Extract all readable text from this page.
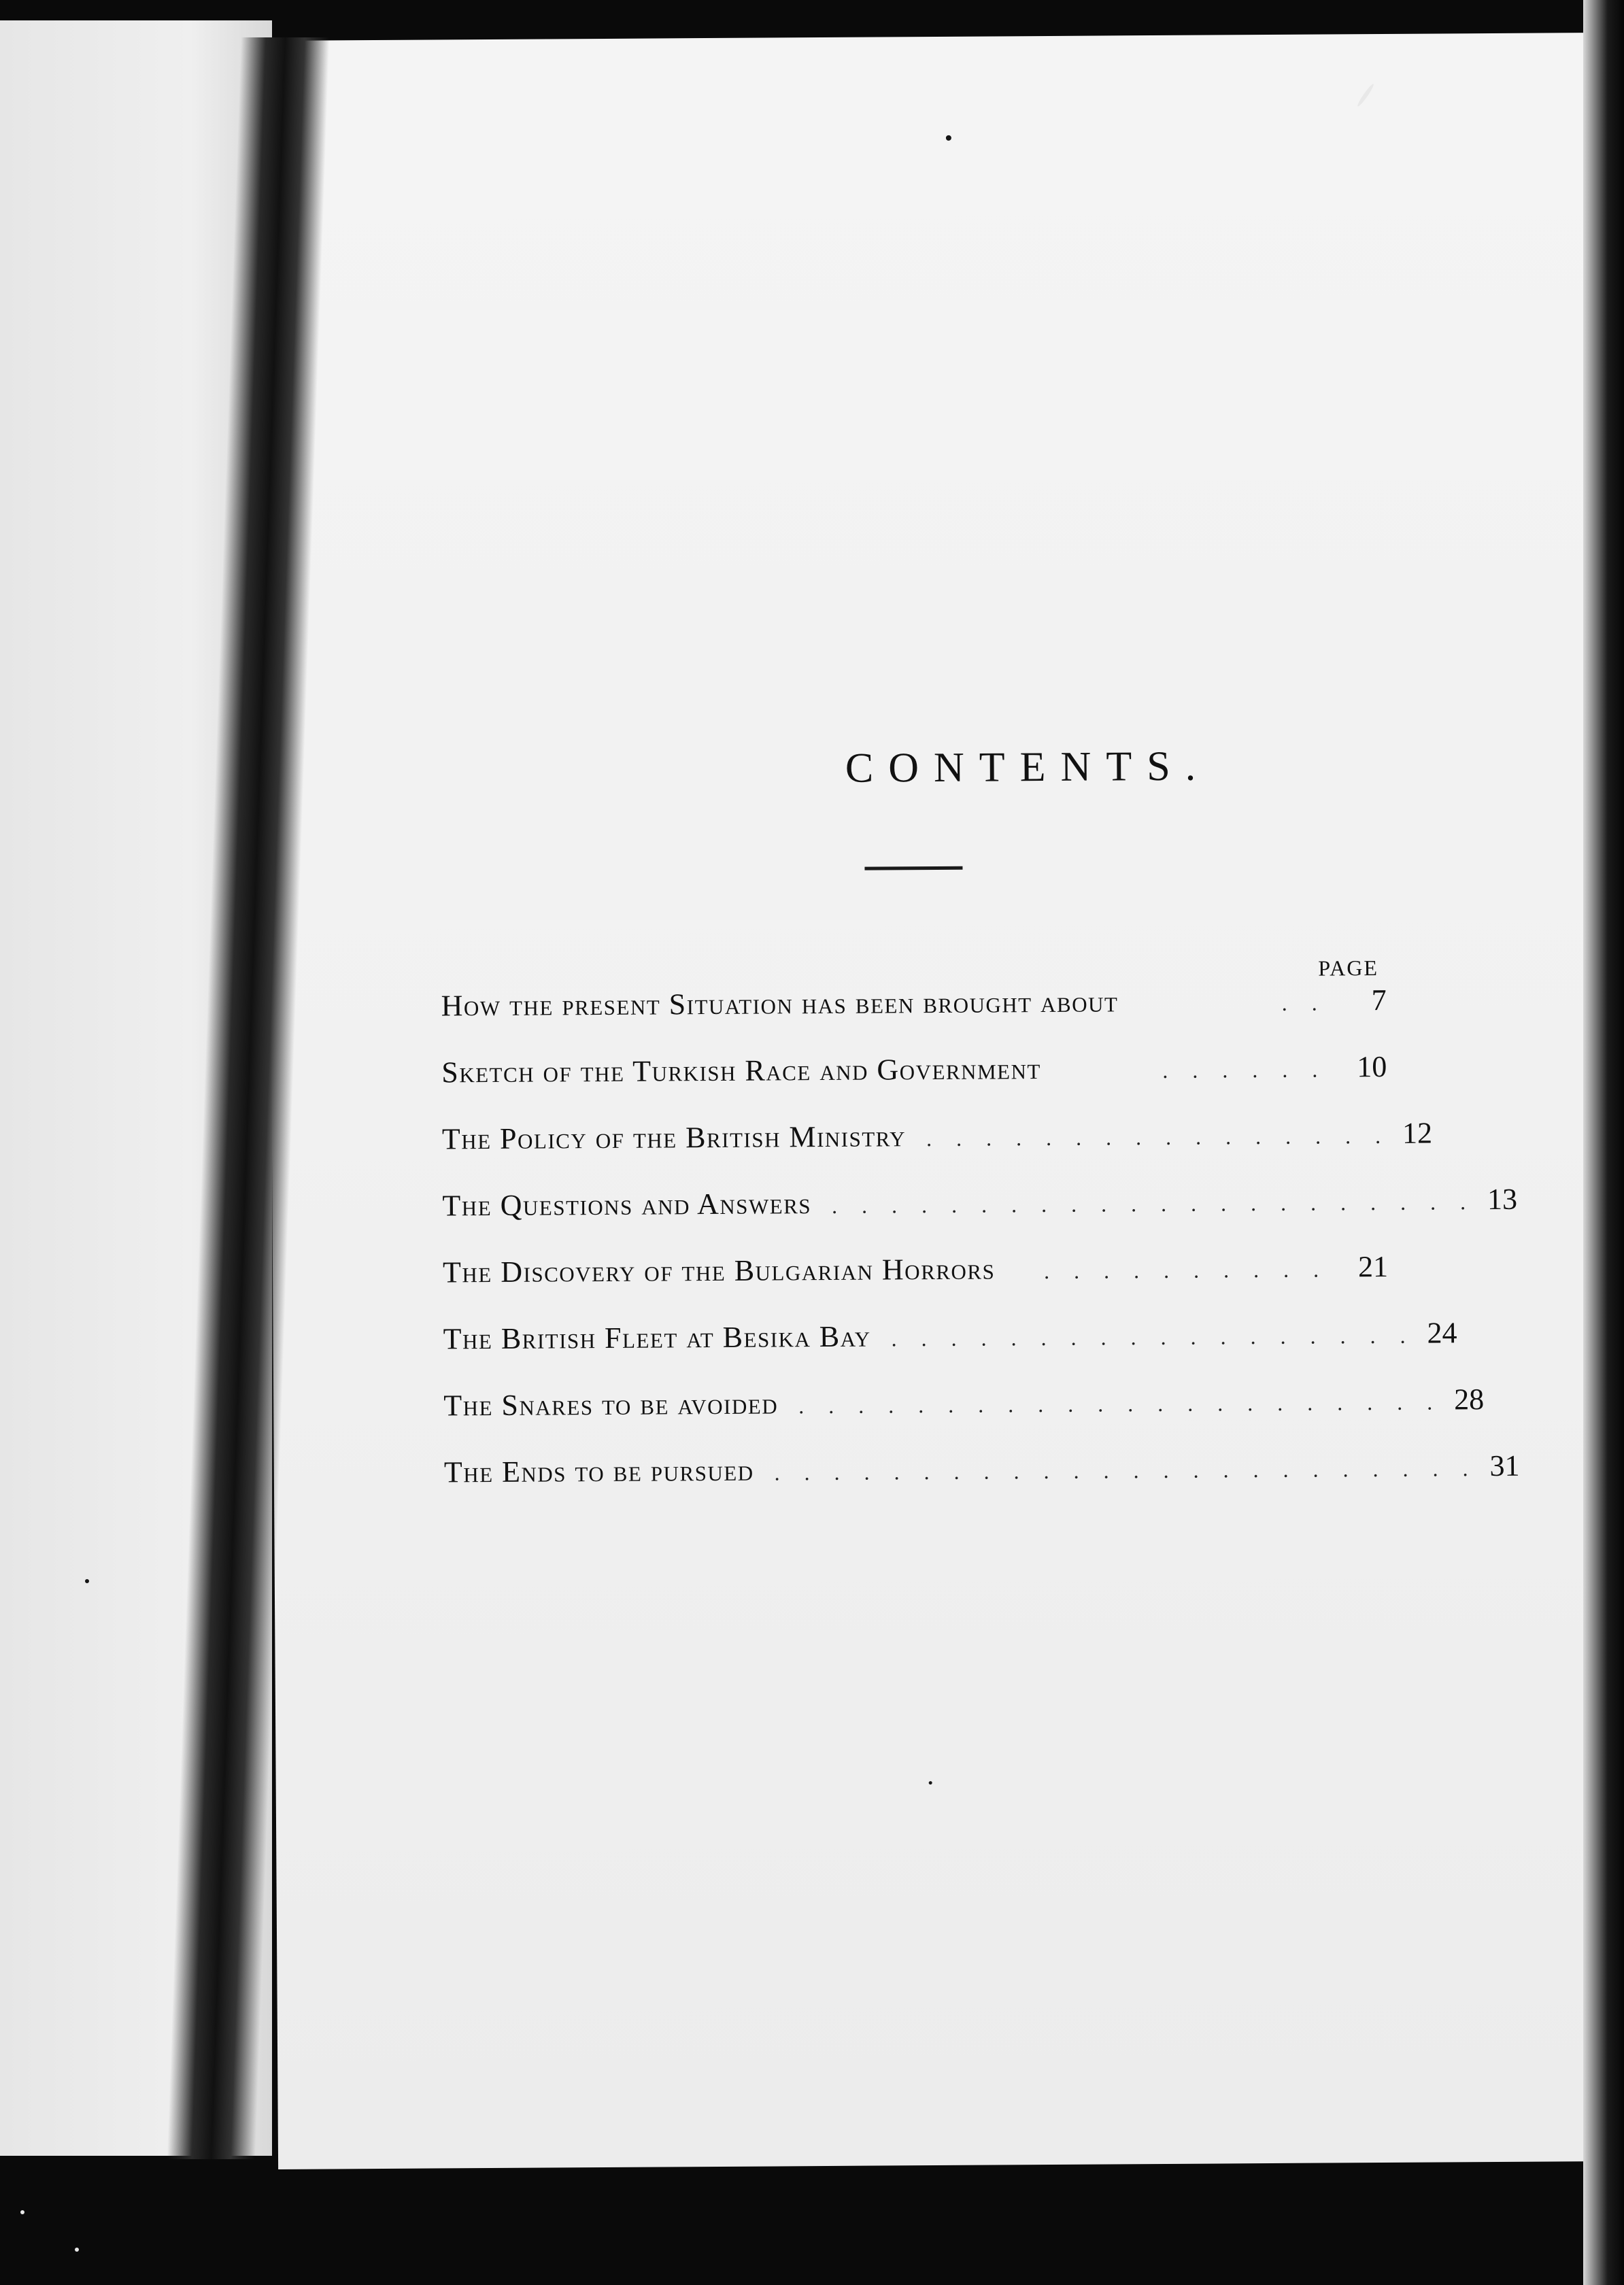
CONTENTS.
PAGE
How the present Situation has been brought about	. .	7
Sketch of the Turkish Race and Government	. . . . . . 10
The Policy of the British Ministry . . . . . . . . . . . . . . . . 12
The Questions and Answers . . . . . . . . . . . . . . . . . . . . . . 13
The Discovery of the Bulgarian Horrors	. . . . . . . . . . 21
The British Fleet at Besika Bay . . . . . . . . . . . . . . . . . . 24
The Snares to be avoided . . . . . . . . . . . . . . . . . . . . . . 28
The Ends to be pursued . . . . . . . . . . . . . . . . . . . . . . . . 31
